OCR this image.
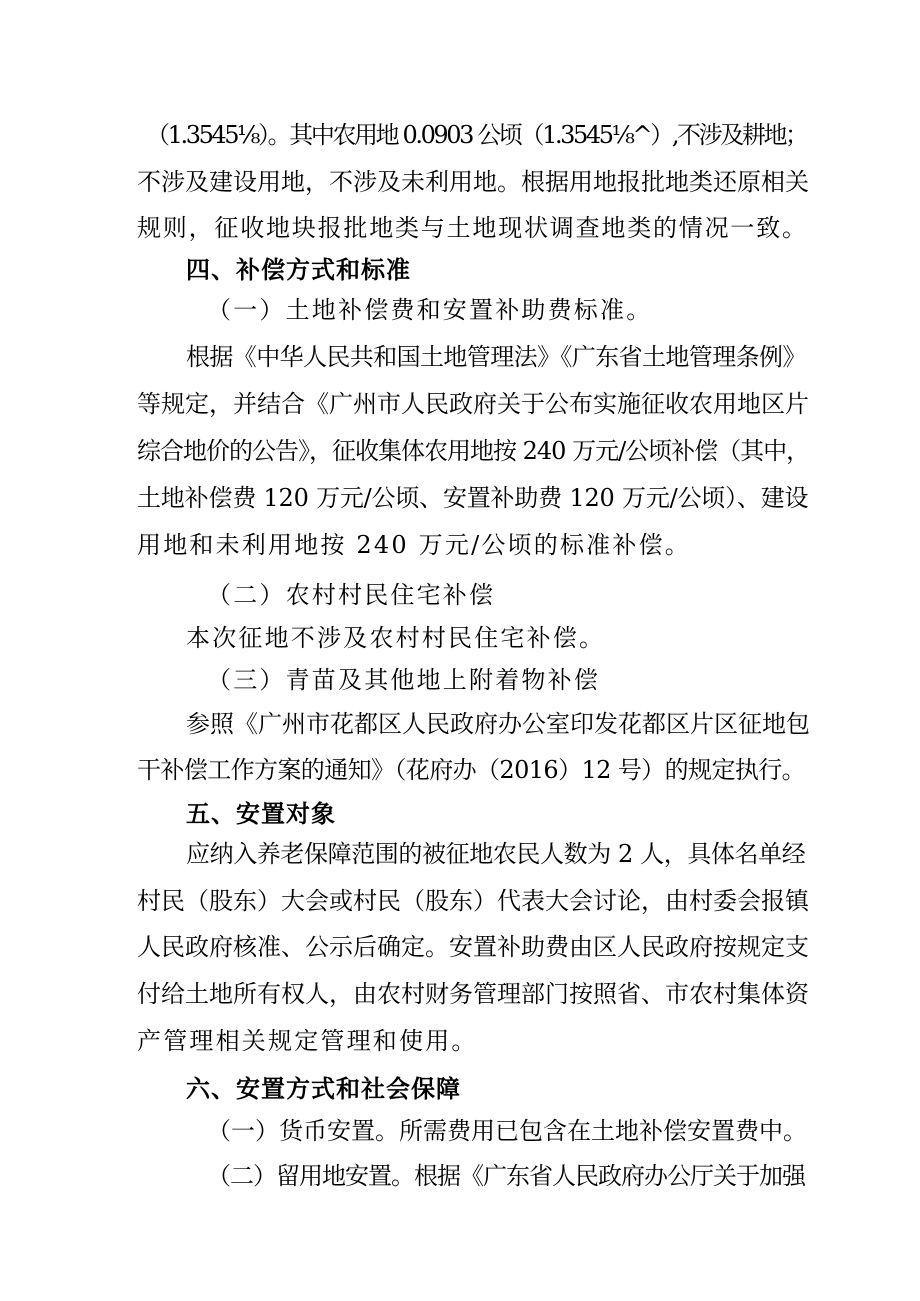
（1.3545⅛）。其中农用地 0.0903 公顷（1.3545⅛^）,不涉及耕地；
不涉及建设用地，不涉及未利用地。根据用地报批地类还原相关
规则，征收地块报批地类与土地现状调查地类的情况一致。
四、补偿方式和标准
（一）土地补偿费和安置补助费标准。
根据《中华人民共和国土地管理法》《广东省土地管理条例》
等规定，并结合《广州市人民政府关于公布实施征收农用地区片
综合地价的公告》，征收集体农用地按 240 万元/公顷补偿（其中，
土地补偿费 120 万元/公顷、安置补助费 120 万元/公顷）、建设
用地和未利用地按 240 万元/公顷的标准补偿。
（二）农村村民住宅补偿
本次征地不涉及农村村民住宅补偿。
（三）青苗及其他地上附着物补偿
参照《广州市花都区人民政府办公室印发花都区片区征地包
干补偿工作方案的通知》（花府办（2016）12 号）的规定执行。
五、安置对象
应纳入养老保障范围的被征地农民人数为 2 人，具体名单经
村民（股东）大会或村民（股东）代表大会讨论，由村委会报镇
人民政府核准、公示后确定。安置补助费由区人民政府按规定支
付给土地所有权人，由农村财务管理部门按照省、市农村集体资
产管理相关规定管理和使用。
六、安置方式和社会保障
（一）货币安置。所需费用已包含在土地补偿安置费中。
（二）留用地安置。根据《广东省人民政府办公厅关于加强
